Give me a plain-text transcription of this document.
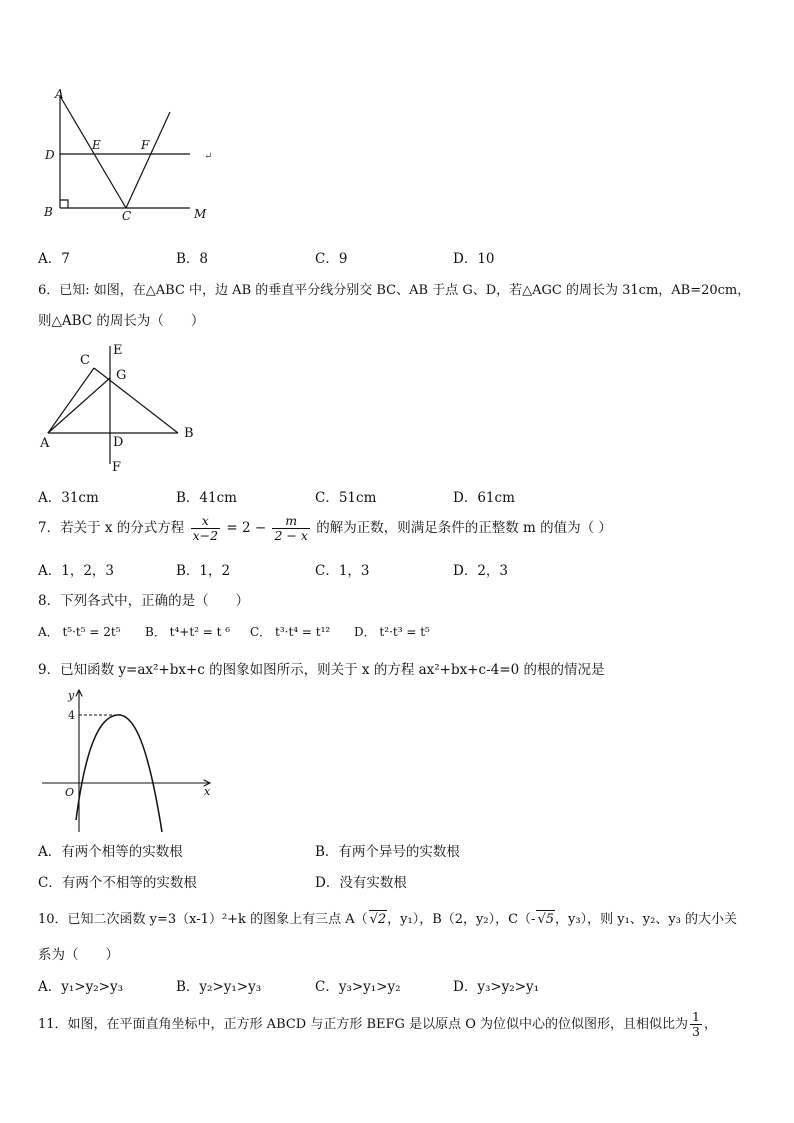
A
D
E	F
B	C	M
↵
A．7	B．8	C．9	D．10
6．已知: 如图，在△ABC 中，边 AB 的垂直平分线分别交 BC、AB 于点 G、D，若△AGC 的周长为 31cm，AB=20cm，
则△ABC 的周长为（　　）
C
E
G
A	D
B
F
A．31cm	B．41cm	C．51cm	D．61cm
7．若关于 x 的分式方程 $\frac{x}{x-2} = 2 - \frac{m}{2 - x}$ 的解为正数，则满足条件的正整数 m 的值为（ ）
A．1，2，3	B．1，2	C．1，3	D．2，3
8．下列各式中，正确的是（　　）
A． t⁵·t⁵ = 2t⁵ B． t⁴+t² = t ⁶ C． t³·t⁴ = t¹² D． t²·t³ = t⁵
9．已知函数 y=ax²+bx+c 的图象如图所示，则关于 x 的方程 ax²+bx+c-4=0 的根的情况是
y
4
O	x
A．有两个相等的实数根	B．有两个异号的实数根
C．有两个不相等的实数根	D．没有实数根
10．已知二次函数 y=3（x-1）²+k 的图象上有三点 A（ √2，y₁），B（2，y₂），C（- √5，y₃），则 y₁、y₂、y₃ 的大小关
系为（　　）
A．y₁>y₂>y₃	B．y₂>y₁>y₃	C．y₃>y₁>y₂	D．y₃>y₂>y₁
11．如图，在平面直角坐标中，正方形 ABCD 与正方形 BEFG 是以原点 O 为位似中心的位似图形，且相似比为 $\frac{1}{3}$ ，
